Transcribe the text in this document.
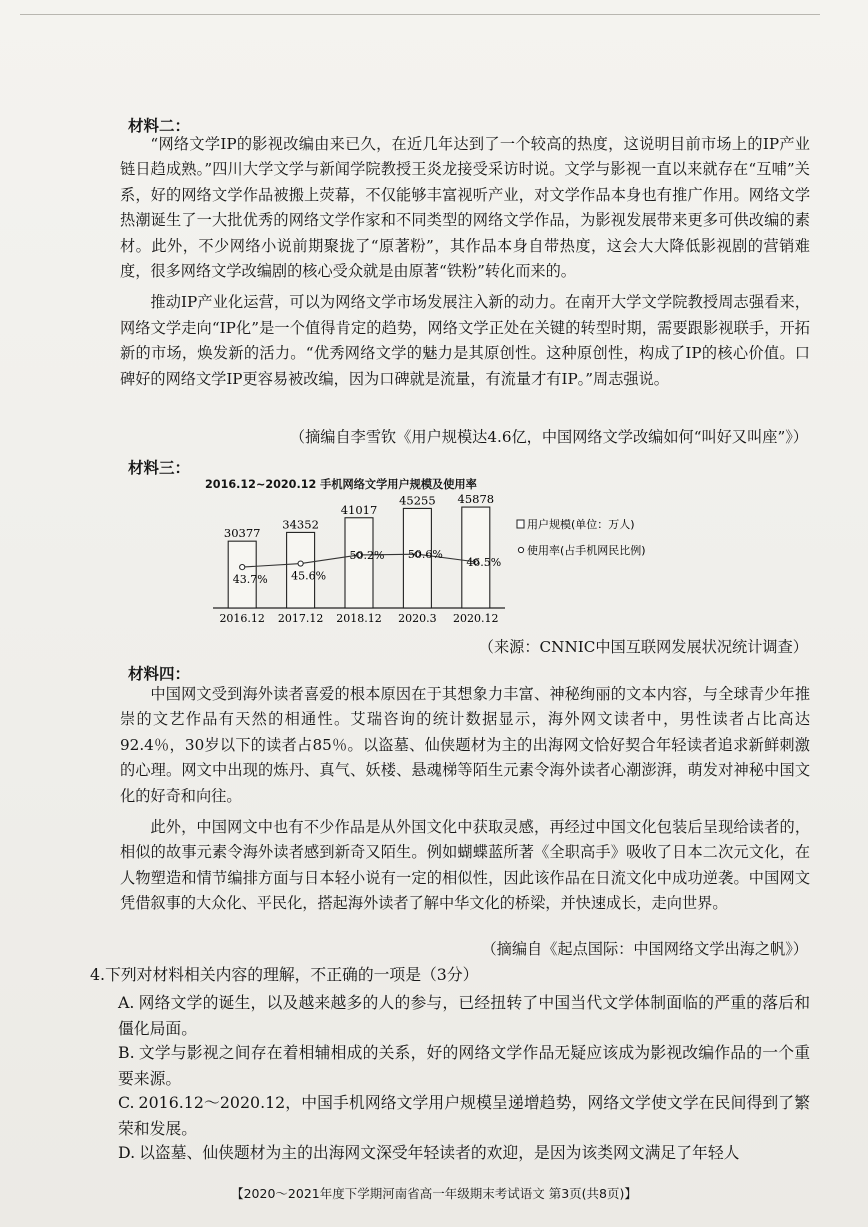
材料二：

“网络文学IP的影视改编由来已久，在近几年达到了一个较高的热度，这说明目前市场上的IP产业链日趋成熟。”四川大学文学与新闻学院教授王炎龙接受采访时说。文学与影视一直以来就存在“互哺”关系，好的网络文学作品被搬上荧幕，不仅能够丰富视听产业，对文学作品本身也有推广作用。网络文学热潮诞生了一大批优秀的网络文学作家和不同类型的网络文学作品，为影视发展带来更多可供改编的素材。此外，不少网络小说前期聚拢了“原著粉”，其作品本身自带热度，这会大大降低影视剧的营销难度，很多网络文学改编剧的核心受众就是由原著“铁粉”转化而来的。

推动IP产业化运营，可以为网络文学市场发展注入新的动力。在南开大学文学院教授周志强看来，网络文学走向“IP化”是一个值得肯定的趋势，网络文学正处在关键的转型时期，需要跟影视联手，开拓新的市场，焕发新的活力。“优秀网络文学的魅力是其原创性。这种原创性，构成了IP的核心价值。口碑好的网络文学IP更容易被改编，因为口碑就是流量，有流量才有IP。”周志强说。

（摘编自李雪钦《用户规模达4.6亿，中国网络文学改编如何“叫好又叫座”》）
材料三：
2016.12~2020.12 手机网络文学用户规模及使用率
30377
2016.12
34352
2017.12
41017
2018.12
45255
2020.3
45878
2020.12
43.7% 45.6%
50.2% 50.6%
46.5%
用户规模(单位：万人)
使用率(占手机网民比例)
（来源：CNNIC中国互联网发展状况统计调查）
材料四：

中国网文受到海外读者喜爱的根本原因在于其想象力丰富、神秘绚丽的文本内容，与全球青少年推崇的文艺作品有天然的相通性。艾瑞咨询的统计数据显示，海外网文读者中，男性读者占比高达92.4％，30岁以下的读者占85％。以盗墓、仙侠题材为主的出海网文恰好契合年轻读者追求新鲜刺激的心理。网文中出现的炼丹、真气、妖楼、悬魂梯等陌生元素令海外读者心潮澎湃，萌发对神秘中国文化的好奇和向往。

此外，中国网文中也有不少作品是从外国文化中获取灵感，再经过中国文化包装后呈现给读者的，相似的故事元素令海外读者感到新奇又陌生。例如蝴蝶蓝所著《全职高手》吸收了日本二次元文化，在人物塑造和情节编排方面与日本轻小说有一定的相似性，因此该作品在日流文化中成功逆袭。中国网文凭借叙事的大众化、平民化，搭起海外读者了解中华文化的桥梁，并快速成长，走向世界。

（摘编自《起点国际：中国网络文学出海之帆》）
4.下列对材料相关内容的理解，不正确的一项是（3分）
A. 网络文学的诞生，以及越来越多的人的参与，已经扭转了中国当代文学体制面临的严重的落后和僵化局面。
B. 文学与影视之间存在着相辅相成的关系，好的网络文学作品无疑应该成为影视改编作品的一个重要来源。
C. 2016.12～2020.12，中国手机网络文学用户规模呈递增趋势，网络文学使文学在民间得到了繁荣和发展。
D. 以盗墓、仙侠题材为主的出海网文深受年轻读者的欢迎，是因为该类网文满足了年轻人
【2020～2021年度下学期河南省高一年级期末考试语文 第3页(共8页)】
